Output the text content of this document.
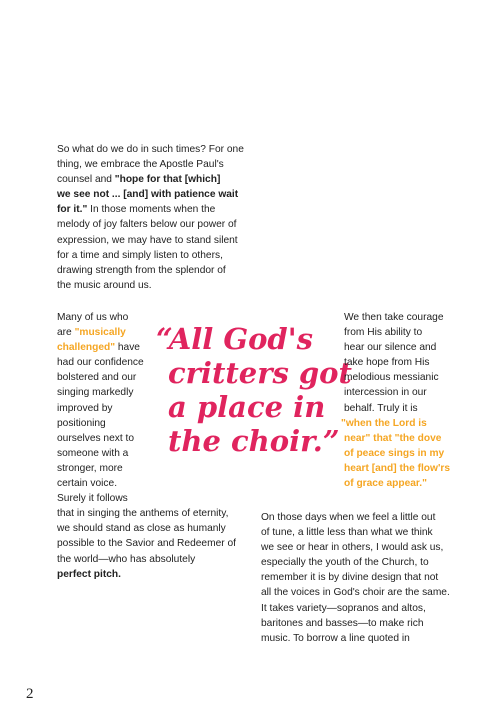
So what do we do in such times? For one
thing, we embrace the Apostle Paul's
counsel and "hope for that [which]
we see not ... [and] with patience wait
for it." In those moments when the
melody of joy falters below our power of
expression, we may have to stand silent
for a time and simply listen to others,
drawing strength from the splendor of
the music around us.
Many of us who
are "musically
challenged" have
had our confidence
bolstered and our
singing markedly
improved by
positioning
ourselves next to
someone with a
stronger, more
certain voice.
Surely it follows
that in singing the anthems of eternity,
we should stand as close as humanly
possible to the Savior and Redeemer of
the world—who has absolutely
perfect pitch.
“All God's
critters got
a place in
the choir.”
We then take courage
from His ability to
hear our silence and
take hope from His
melodious messianic
intercession in our
behalf. Truly it is
"when the Lord is
near" that "the dove
of peace sings in my
heart [and] the flow'rs
of grace appear."
On those days when we feel a little out
of tune, a little less than what we think
we see or hear in others, I would ask us,
especially the youth of the Church, to
remember it is by divine design that not
all the voices in God's choir are the same.
It takes variety—sopranos and altos,
baritones and basses—to make rich
music. To borrow a line quoted in
2
